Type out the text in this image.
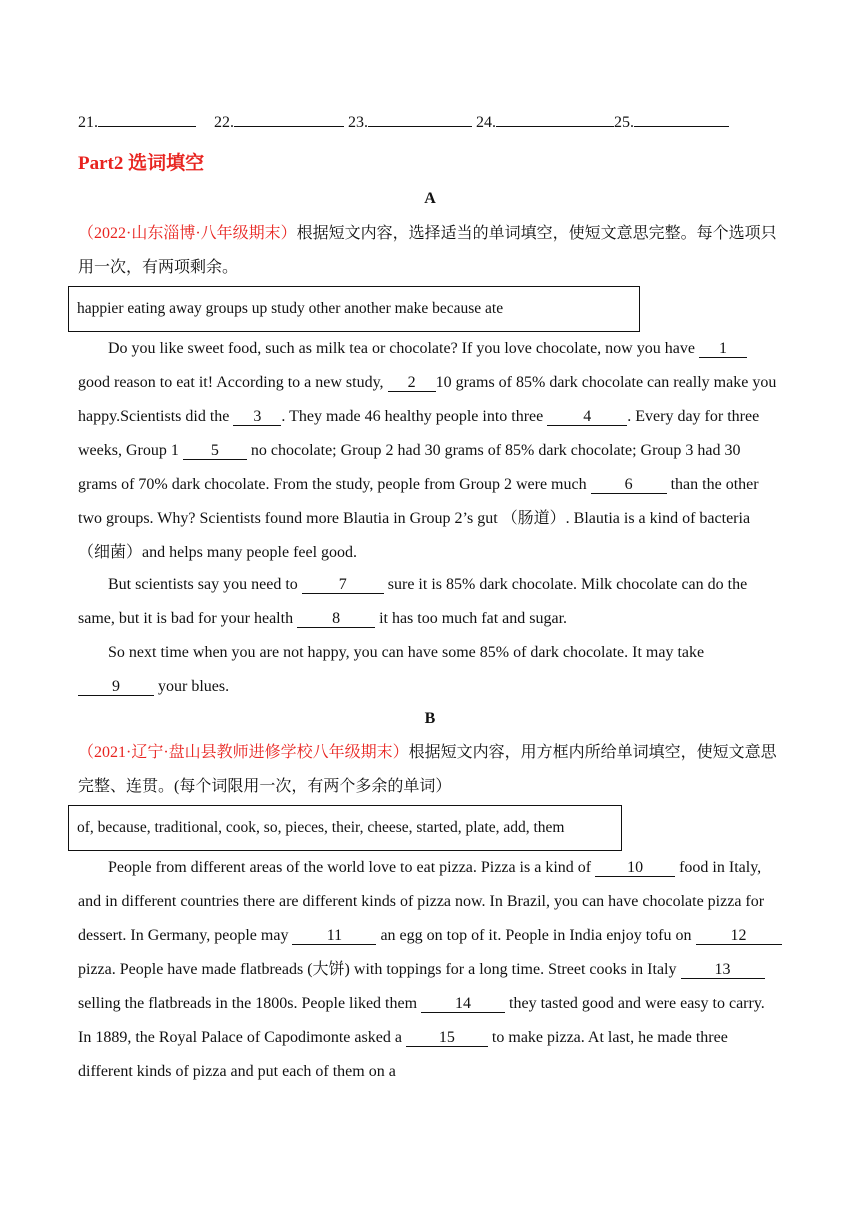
21.	22.	23.	24.	25.
Part2 选词填空
A
（2022·山东淄博·八年级期末）根据短文内容，选择适当的单词填空，使短文意思完整。每个选项只用一次，有两项剩余。
happier eating away groups up study other another make because ate
Do you like sweet food, such as milk tea or chocolate? If you love chocolate, now you have 1 good reason to eat it! According to a new study, 2 10 grams of 85% dark chocolate can really make you happy.Scientists did the 3 . They made 46 healthy people into three 4 . Every day for three weeks, Group 1 5 no chocolate; Group 2 had 30 grams of 85% dark chocolate; Group 3 had 30 grams of 70% dark chocolate. From the study, people from Group 2 were much 6 than the other two groups. Why? Scientists found more Blautia in Group 2’s gut （肠道）. Blautia is a kind of bacteria（细菌）and helps many people feel good.
But scientists say you need to 7 sure it is 85% dark chocolate. Milk chocolate can do the same, but it is bad for your health 8 it has too much fat and sugar.
So next time when you are not happy, you can have some 85% of dark chocolate. It may take 9 your blues.
B
（2021·辽宁·盘山县教师进修学校八年级期末）根据短文内容，用方框内所给单词填空，使短文意思完整、连贯。(每个词限用一次，有两个多余的单词）
of, because, traditional, cook, so, pieces, their, cheese, started, plate, add, them
People from different areas of the world love to eat pizza. Pizza is a kind of 10 food in Italy, and in different countries there are different kinds of pizza now. In Brazil, you can have chocolate pizza for dessert. In Germany, people may 11 an egg on top of it. People in India enjoy tofu on 12 pizza. People have made flatbreads (大饼) with toppings for a long time. Street cooks in Italy 13 selling the flatbreads in the 1800s. People liked them 14 they tasted good and were easy to carry. In 1889, the Royal Palace of Capodimonte asked a 15 to make pizza. At last, he made three different kinds of pizza and put each of them on a
